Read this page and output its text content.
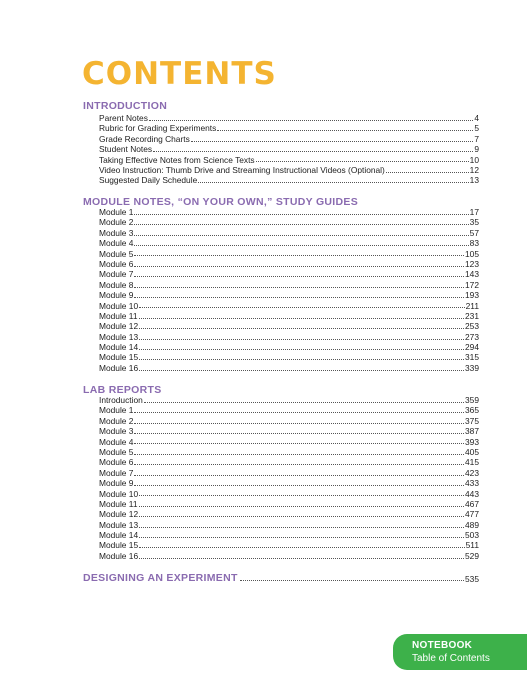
CONTENTS
INTRODUCTION
Parent Notes	4
Rubric for Grading Experiments	5
Grade Recording Charts	7
Student Notes	9
Taking Effective Notes from Science Texts	10
Video Instruction: Thumb Drive and Streaming Instructional Videos (Optional)	12
Suggested Daily Schedule	13
MODULE NOTES, “ON YOUR OWN,” STUDY GUIDES
Module 1	17
Module 2	35
Module 3	57
Module 4	83
Module 5	105
Module 6	123
Module 7	143
Module 8	172
Module 9	193
Module 10	211
Module 11	231
Module 12	253
Module 13	273
Module 14	294
Module 15	315
Module 16	339
LAB REPORTS
Introduction	359
Module 1	365
Module 2	375
Module 3	387
Module 4	393
Module 5	405
Module 6	415
Module 7	423
Module 9	433
Module 10	443
Module 11	467
Module 12	477
Module 13	489
Module 14	503
Module 15	511
Module 16	529
DESIGNING AN EXPERIMENT	535
NOTEBOOK
Table of Contents
